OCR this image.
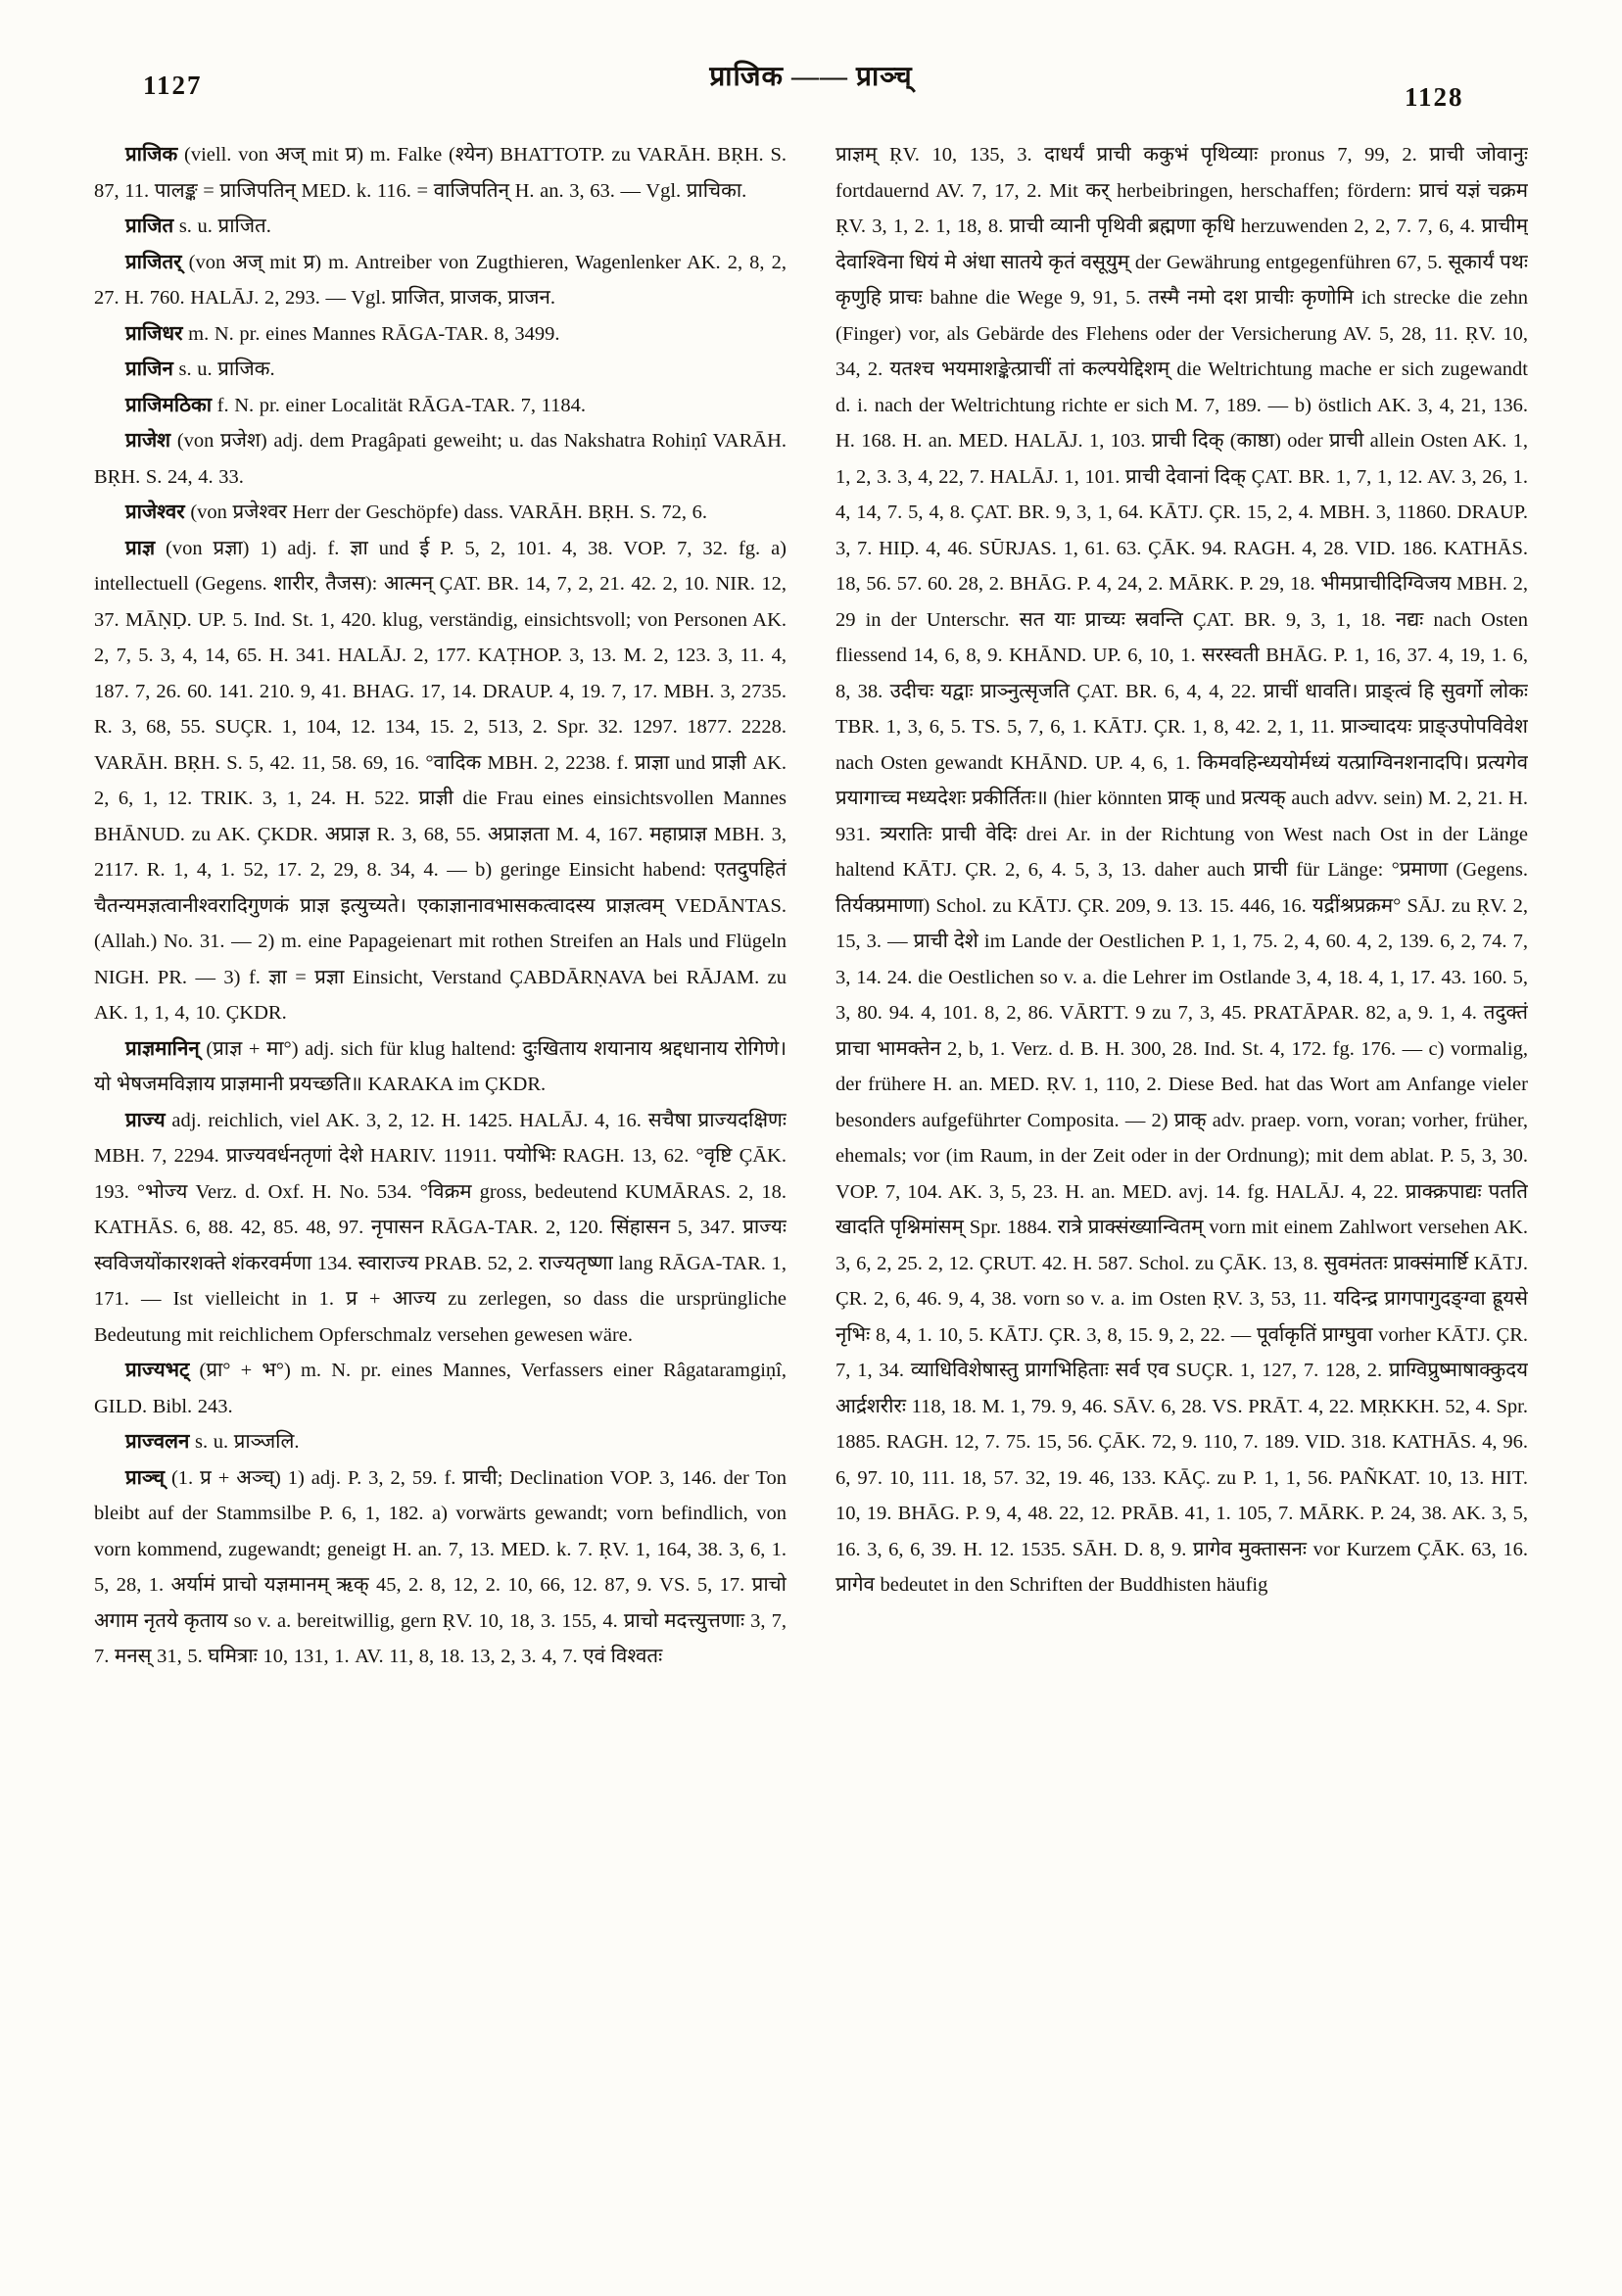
1127	प्राजिक —— प्राञ्च्
1128

प्राजिक (viell. von अज् mit प्र) m. Falke (श्येन) BHATTOTP. zu VARĀH. BṚH. S. 87, 11. पालङ्क = प्राजिपतिन् MED. k. 116. = वाजिपतिन् H. an. 3, 63. — Vgl. प्राचिका.

प्राजित s. u. प्राजित.

प्राजितर् (von अज् mit प्र) m. Antreiber von Zugthieren, Wagenlenker AK. 2, 8, 2, 27. H. 760. HALĀJ. 2, 293. — Vgl. प्राजित, प्राजक, प्राजन.

प्राजिधर m. N. pr. eines Mannes RĀGA-TAR. 8, 3499.

प्राजिन s. u. प्राजिक.

प्राजिमठिका f. N. pr. einer Localität RĀGA-TAR. 7, 1184.

प्राजेश (von प्रजेश) adj. dem Pragâpati geweiht; u. das Nakshatra Rohiṇî VARĀH. BṚH. S. 24, 4. 33.

प्राजेश्वर (von प्रजेश्वर Herr der Geschöpfe) dass. VARĀH. BṚH. S. 72, 6.

प्राज्ञ (von प्रज्ञा) 1) adj. f. ज्ञा und ई P. 5, 2, 101. 4, 38. VOP. 7, 32. fg. a) intellectuell (Gegens. शारीर, तैजस): आत्मन् ÇAT. BR. 14, 7, 2, 21. 42. 2, 10. NIR. 12, 37. MĀṆḌ. UP. 5. Ind. St. 1, 420. klug, verständig, einsichtsvoll; von Personen AK. 2, 7, 5. 3, 4, 14, 65. H. 341. HALĀJ. 2, 177. KAṬHOP. 3, 13. M. 2, 123. 3, 11. 4, 187. 7, 26. 60. 141. 210. 9, 41. BHAG. 17, 14. DRAUP. 4, 19. 7, 17. MBH. 3, 2735. R. 3, 68, 55. SUÇR. 1, 104, 12. 134, 15. 2, 513, 2. Spr. 32. 1297. 1877. 2228. VARĀH. BṚH. S. 5, 42. 11, 58. 69, 16. °वादिक MBH. 2, 2238. f. प्राज्ञा und प्राज्ञी AK. 2, 6, 1, 12. TRIK. 3, 1, 24. H. 522. प्राज्ञी die Frau eines einsichtsvollen Mannes BHĀNUD. zu AK. ÇKDR. अप्राज्ञ R. 3, 68, 55. अप्राज्ञता M. 4, 167. महाप्राज्ञ MBH. 3, 2117. R. 1, 4, 1. 52, 17. 2, 29, 8. 34, 4. — b) geringe Einsicht habend: एतदुपहितं चैतन्यमज्ञत्वानीश्वरादिगुणकं प्राज्ञ इत्युच्यते। एकाज्ञानावभासकत्वादस्य प्राज्ञत्वम् VEDĀNTAS. (Allah.) No. 31. — 2) m. eine Papageienart mit rothen Streifen an Hals und Flügeln NIGH. PR. — 3) f. ज्ञा = प्रज्ञा Einsicht, Verstand ÇABDĀRṆAVA bei RĀJAM. zu AK. 1, 1, 4, 10. ÇKDR.

प्राज्ञमानिन् (प्राज्ञ + मा°) adj. sich für klug haltend: दुःखिताय शयानाय श्रद्दधानाय रोगिणे। यो भेषजमविज्ञाय प्राज्ञमानी प्रयच्छति॥ KARAKA im ÇKDR.

प्राज्य adj. reichlich, viel AK. 3, 2, 12. H. 1425. HALĀJ. 4, 16. सचैषा प्राज्यदक्षिणः MBH. 7, 2294. प्राज्यवर्धनतृणां देशे HARIV. 11911. पयोभिः RAGH. 13, 62. °वृष्टि ÇĀK. 193. °भोज्य Verz. d. Oxf. H. No. 534. °विक्रम gross, bedeutend KUMĀRAS. 2, 18. KATHĀS. 6, 88. 42, 85. 48, 97. नृपासन RĀGA-TAR. 2, 120. सिंहासन 5, 347. प्राज्यः स्वविजयोंकारशक्ते शंकरवर्मणा 134. स्वाराज्य PRAB. 52, 2. राज्यतृष्णा lang RĀGA-TAR. 1, 171. — Ist vielleicht in 1. प्र + आज्य zu zerlegen, so dass die ursprüngliche Bedeutung mit reichlichem Opferschmalz versehen gewesen wäre.

प्राज्यभट् (प्रा° + भ°) m. N. pr. eines Mannes, Verfassers einer Râgataramgiṇî, GILD. Bibl. 243.

प्राज्वलन s. u. प्राञ्जलि.

प्राञ्च् (1. प्र + अञ्च्) 1) adj. P. 3, 2, 59. f. प्राची; Declination VOP. 3, 146. der Ton bleibt auf der Stammsilbe P. 6, 1, 182. a) vorwärts gewandt; vorn befindlich, von vorn kommend, zugewandt; geneigt H. an. 7, 13. MED. k. 7. ṚV. 1, 164, 38. 3, 6, 1. 5, 28, 1. अर्यामं प्राचो यज्ञमानम् ऋक् 45, 2. 8, 12, 2. 10, 66, 12. 87, 9. VS. 5, 17. प्राचो अगाम नृतये कृताय so v. a. bereitwillig, gern ṚV. 10, 18, 3. 155, 4. प्राचो मदत्त्युत्तणाः 3, 7, 7. मनस् 31, 5. घमित्राः 10, 131, 1. AV. 11, 8, 18. 13, 2, 3. 4, 7. एवं विश्वतः

प्राज्ञम् ṚV. 10, 135, 3. दाधर्यं प्राची ककुभं पृथिव्याः pronus 7, 99, 2. प्राची जोवानुः fortdauernd AV. 7, 17, 2. Mit कर् herbeibringen, herschaffen; fördern: प्राचं यज्ञं चक्रम ṚV. 3, 1, 2. 1, 18, 8. प्राची व्यानी पृथिवी ब्रह्मणा कृधि herzuwenden 2, 2, 7. 7, 6, 4. प्राचीम् देवाश्विना धियं मे अंधा सातये कृतं वसूयुम् der Gewährung entgegenführen 67, 5. सूकार्यं पथः कृणुहि प्राचः bahne die Wege 9, 91, 5. तस्मै नमो दश प्राचीः कृणोमि ich strecke die zehn (Finger) vor, als Gebärde des Flehens oder der Versicherung AV. 5, 28, 11. ṚV. 10, 34, 2. यतश्च भयमाशङ्केत्प्राचीं तां कल्पयेद्दिशम् die Weltrichtung mache er sich zugewandt d. i. nach der Weltrichtung richte er sich M. 7, 189. — b) östlich AK. 3, 4, 21, 136. H. 168. H. an. MED. HALĀJ. 1, 103. प्राची दिक् (काष्ठा) oder प्राची allein Osten AK. 1, 1, 2, 3. 3, 4, 22, 7. HALĀJ. 1, 101. प्राची देवानां दिक् ÇAT. BR. 1, 7, 1, 12. AV. 3, 26, 1. 4, 14, 7. 5, 4, 8. ÇAT. BR. 9, 3, 1, 64. KĀTJ. ÇR. 15, 2, 4. MBH. 3, 11860. DRAUP. 3, 7. HIḌ. 4, 46. SŪRJAS. 1, 61. 63. ÇĀK. 94. RAGH. 4, 28. VID. 186. KATHĀS. 18, 56. 57. 60. 28, 2. BHĀG. P. 4, 24, 2. MĀRK. P. 29, 18. भीमप्राचीदिग्विजय MBH. 2, 29 in der Unterschr. सत याः प्राच्यः स्रवन्ति ÇAT. BR. 9, 3, 1, 18. नद्यः nach Osten fliessend 14, 6, 8, 9. KHĀND. UP. 6, 10, 1. सरस्वती BHĀG. P. 1, 16, 37. 4, 19, 1. 6, 8, 38. उदीचः यद्वाः प्राञ्नुत्सृजति ÇAT. BR. 6, 4, 4, 22. प्राचीं धावति। प्राङ्त्वं हि सुवर्गो लोकः TBR. 1, 3, 6, 5. TS. 5, 7, 6, 1. KĀTJ. ÇR. 1, 8, 42. 2, 1, 11. प्राञ्चादयः प्राङ्उपोपविवेश nach Osten gewandt KHĀND. UP. 4, 6, 1. किमवहिन्ध्ययोर्मध्यं यत्प्राग्विनशनादपि। प्रत्यगेव प्रयागाच्च मध्यदेशः प्रकीर्तितः॥ (hier könnten प्राक् und प्रत्यक् auch advv. sein) M. 2, 21. H. 931. त्र्यरातिः प्राची वेदिः drei Ar. in der Richtung von West nach Ost in der Länge haltend KĀTJ. ÇR. 2, 6, 4. 5, 3, 13. daher auch प्राची für Länge: °प्रमाणा (Gegens. तिर्यक्प्रमाणा) Schol. zu KĀTJ. ÇR. 209, 9. 13. 15. 446, 16. यद्रींश्रप्रक्रम° SĀJ. zu ṚV. 2, 15, 3. — प्राची देशे im Lande der Oestlichen P. 1, 1, 75. 2, 4, 60. 4, 2, 139. 6, 2, 74. 7, 3, 14. 24. die Oestlichen so v. a. die Lehrer im Ostlande 3, 4, 18. 4, 1, 17. 43. 160. 5, 3, 80. 94. 4, 101. 8, 2, 86. VĀRTT. 9 zu 7, 3, 45. PRATĀPAR. 82, a, 9. 1, 4. तदुक्तं प्राचा भामक्तेन 2, b, 1. Verz. d. B. H. 300, 28. Ind. St. 4, 172. fg. 176. — c) vormalig, der frühere H. an. MED. ṚV. 1, 110, 2. Diese Bed. hat das Wort am Anfange vieler besonders aufgeführter Composita. — 2) प्राक् adv. praep. vorn, voran; vorher, früher, ehemals; vor (im Raum, in der Zeit oder in der Ordnung); mit dem ablat. P. 5, 3, 30. VOP. 7, 104. AK. 3, 5, 23. H. an. MED. avj. 14. fg. HALĀJ. 4, 22. प्राक्क्रपाद्यः पतति खादति पृश्निमांसम् Spr. 1884. रात्रे प्राक्संख्यान्वितम् vorn mit einem Zahlwort versehen AK. 3, 6, 2, 25. 2, 12. ÇRUT. 42. H. 587. Schol. zu ÇĀK. 13, 8. सुवमंततः प्राक्संमार्ष्टि KĀTJ. ÇR. 2, 6, 46. 9, 4, 38. vorn so v. a. im Osten ṚV. 3, 53, 11. यदिन्द्र प्रागपागुदङ्ग्वा ह्रूयसे नृभिः 8, 4, 1. 10, 5. KĀTJ. ÇR. 3, 8, 15. 9, 2, 22. — पूर्वाकृतिं प्राग्घुवा vorher KĀTJ. ÇR. 7, 1, 34. व्याधिविशेषास्तु प्रागभिहिताः सर्व एव SUÇR. 1, 127, 7. 128, 2. प्राग्विप्रुष्माषाक्कुदय आर्द्रशरीरः 118, 18. M. 1, 79. 9, 46. SĀV. 6, 28. VS. PRĀT. 4, 22. MṚKKH. 52, 4. Spr. 1885. RAGH. 12, 7. 75. 15, 56. ÇĀK. 72, 9. 110, 7. 189. VID. 318. KATHĀS. 4, 96. 6, 97. 10, 111. 18, 57. 32, 19. 46, 133. KĀÇ. zu P. 1, 1, 56. PAÑKAT. 10, 13. HIT. 10, 19. BHĀG. P. 9, 4, 48. 22, 12. PRĀB. 41, 1. 105, 7. MĀRK. P. 24, 38. AK. 3, 5, 16. 3, 6, 6, 39. H. 12. 1535. SĀH. D. 8, 9. प्रागेव मुक्तासनः vor Kurzem ÇĀK. 63, 16. प्रागेव bedeutet in den Schriften der Buddhisten häufig
